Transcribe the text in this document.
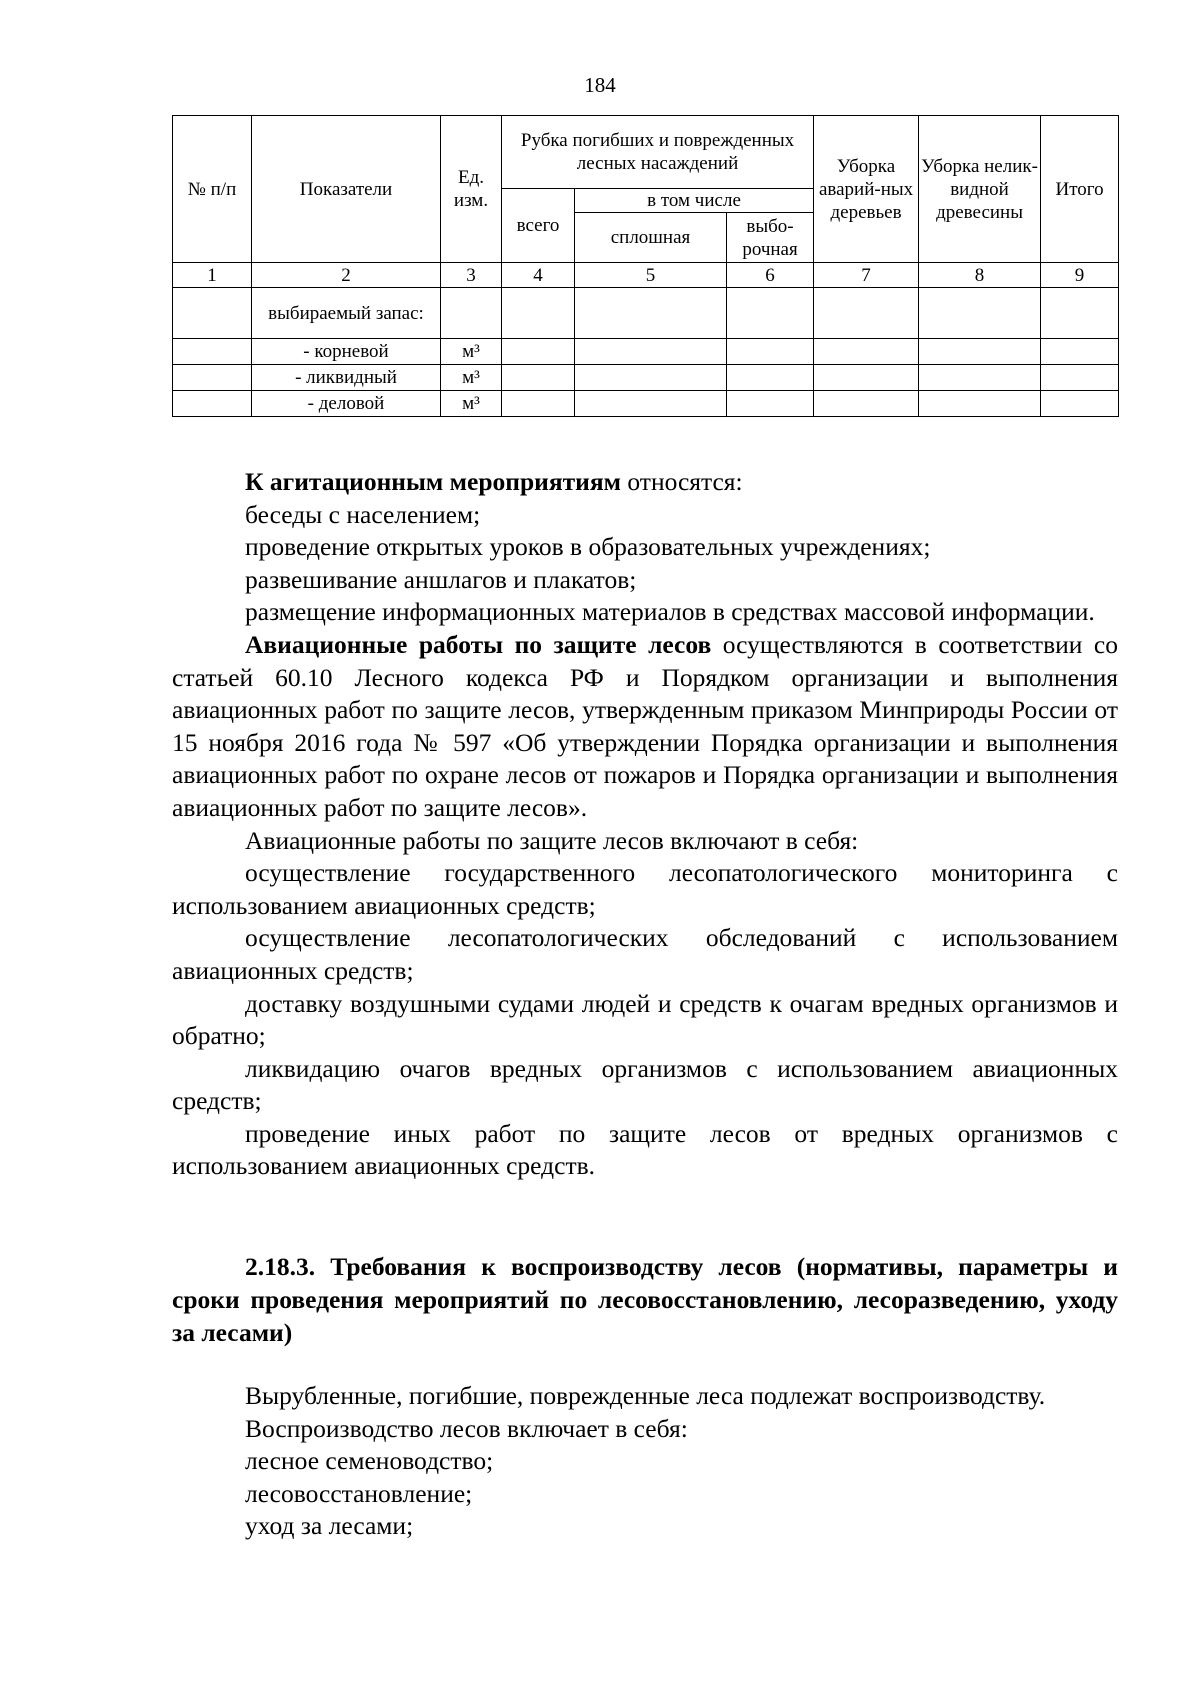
184
№ п/п	Показатели	Ед. изм.	Рубка погибших и поврежденных лесных насаждений			Уборка аварий-ных деревьев	Уборка нелик-видной древесины	Итого
			всего	в том числе				
				сплошная	выбо-рочная			

1	2	3	4	5	6	7	8	9
	выбираемый запас:							
	- корневой	м³						
	- ликвидный	м³						
	- деловой	м³						

К агитационным мероприятиям относятся:

беседы с населением;

проведение открытых уроков в образовательных учреждениях;

развешивание аншлагов и плакатов;

размещение информационных материалов в средствах массовой информации.

Авиационные работы по защите лесов осуществляются в соответствии со статьей 60.10 Лесного кодекса РФ и Порядком организации и выполнения авиационных работ по защите лесов, утвержденным приказом Минприроды России от 15 ноября 2016 года № 597 «Об утверждении Порядка организации и выполнения авиационных работ по охране лесов от пожаров и Порядка организации и выполнения авиационных работ по защите лесов».

Авиационные работы по защите лесов включают в себя:

осуществление государственного лесопатологического мониторинга с использованием авиационных средств;

осуществление лесопатологических обследований с использованием авиационных средств;

доставку воздушными судами людей и средств к очагам вредных организмов и обратно;

ликвидацию очагов вредных организмов с использованием авиационных средств;

проведение иных работ по защите лесов от вредных организмов с использованием авиационных средств.

2.18.3. Требования к воспроизводству лесов (нормативы, параметры и сроки проведения мероприятий по лесовосстановлению, лесоразведению, уходу за лесами)

Вырубленные, погибшие, поврежденные леса подлежат воспроизводству.

Воспроизводство лесов включает в себя:

лесное семеноводство;

лесовосстановление;

уход за лесами;
